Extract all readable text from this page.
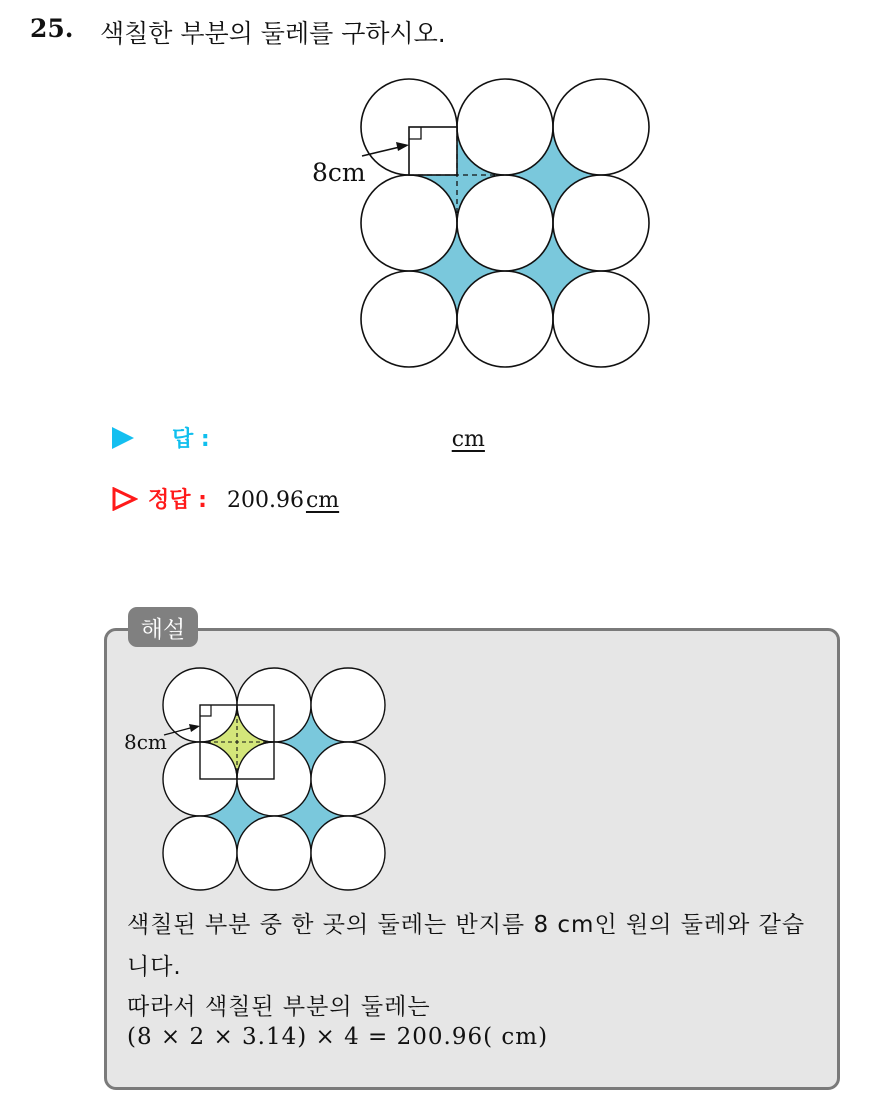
25. 색칠한 부분의 둘레를 구하시오.
8cm
답 :	cm
정답 : 200.96 cm
해설
8cm
색칠된 부분 중 한 곳의 둘레는 반지름 8 cm인 원의 둘레와 같습
니다.
따라서 색칠된 부분의 둘레는
(8 × 2 × 3.14) × 4 = 200.96( cm)
